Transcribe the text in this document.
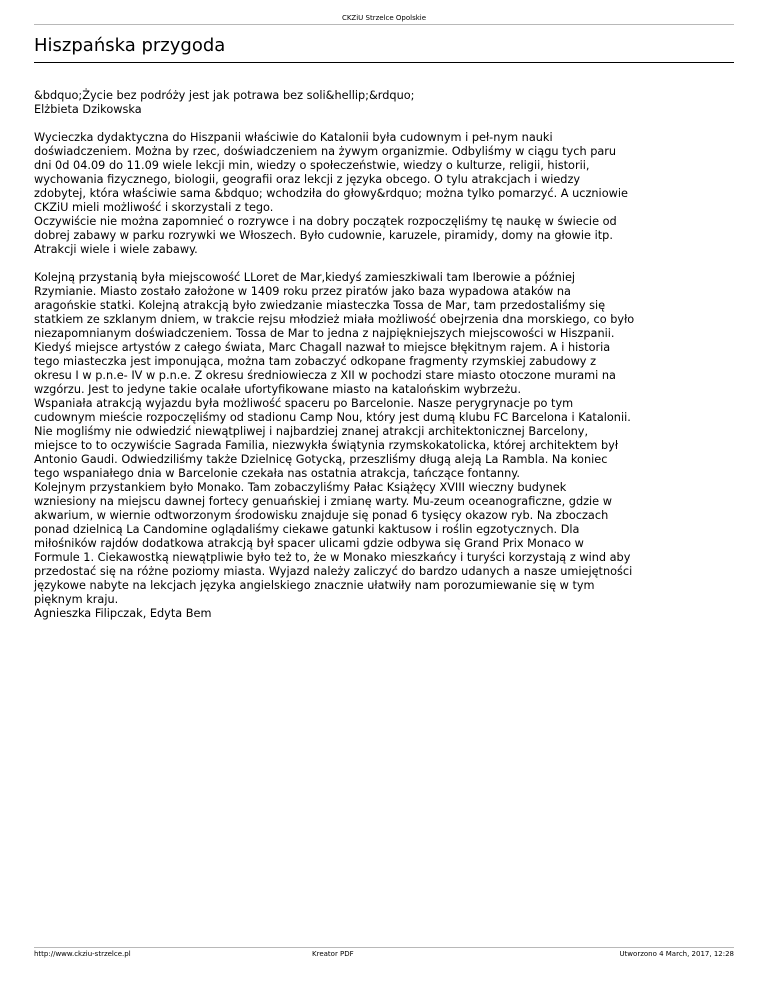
CKZiU Strzelce Opolskie
Hiszpańska przygoda
&bdquo;Życie bez podróży jest jak potrawa bez soli&hellip;&rdquo;
Elżbieta Dzikowska
Wycieczka dydaktyczna do Hiszpanii właściwie do Katalonii była cudownym i peł-nym nauki
doświadczeniem. Można by rzec, doświadczeniem na żywym organizmie. Odbyliśmy w ciągu tych paru
dni 0d 04.09 do 11.09 wiele lekcji min, wiedzy o społeczeństwie, wiedzy o kulturze, religii, historii,
wychowania fizycznego, biologii, geografii oraz lekcji z języka obcego. O tylu atrakcjach i wiedzy
zdobytej, która właściwie sama &bdquo; wchodziła do głowy&rdquo; można tylko pomarzyć. A uczniowie
CKZiU mieli możliwość i skorzystali z tego.
Oczywiście nie można zapomnieć o rozrywce i na dobry początek rozpoczęliśmy tę naukę w świecie od
dobrej zabawy w parku rozrywki we Włoszech. Było cudownie, karuzele, piramidy, domy na głowie itp.
Atrakcji wiele i wiele zabawy.
Kolejną przystanią była miejscowość LLoret de Mar,kiedyś zamieszkiwali tam Iberowie a później
Rzymianie. Miasto zostało założone w 1409 roku przez piratów jako baza wypadowa ataków na
aragońskie statki. Kolejną atrakcją było zwiedzanie miasteczka Tossa de Mar, tam przedostaliśmy się
statkiem ze szklanym dniem, w trakcie rejsu młodzież miała możliwość obejrzenia dna morskiego, co było
niezapomnianym doświadczeniem. Tossa de Mar to jedna z najpiękniejszych miejscowości w Hiszpanii.
Kiedyś miejsce artystów z całego świata, Marc Chagall nazwał to miejsce błękitnym rajem. A i historia
tego miasteczka jest imponująca, można tam zobaczyć odkopane fragmenty rzymskiej zabudowy z
okresu I w p.n.e- IV w p.n.e. Z okresu średniowiecza z XII w pochodzi stare miasto otoczone murami na
wzgórzu. Jest to jedyne takie ocalałe ufortyfikowane miasto na katalońskim wybrzeżu.
Wspaniała atrakcją wyjazdu była możliwość spaceru po Barcelonie. Nasze perygrynacje po tym
cudownym mieście rozpoczęliśmy od stadionu Camp Nou, który jest dumą klubu FC Barcelona i Katalonii.
Nie mogliśmy nie odwiedzić niewątpliwej i najbardziej znanej atrakcji architektonicznej Barcelony,
miejsce to to oczywiście Sagrada Familia, niezwykła świątynia rzymskokatolicka, której architektem był
Antonio Gaudi. Odwiedziliśmy także Dzielnicę Gotycką, przeszliśmy długą aleją La Rambla. Na koniec
tego wspaniałego dnia w Barcelonie czekała nas ostatnia atrakcja, tańczące fontanny.
Kolejnym przystankiem było Monako. Tam zobaczyliśmy Pałac Książęcy XVIII wieczny budynek
wzniesiony na miejscu dawnej fortecy genuańskiej i zmianę warty. Mu-zeum oceanograficzne, gdzie w
akwarium, w wiernie odtworzonym środowisku znajduje się ponad 6 tysięcy okazow ryb. Na zboczach
ponad dzielnicą La Candomine oglądaliśmy ciekawe gatunki kaktusow i roślin egzotycznych. Dla
miłośników rajdów dodatkowa atrakcją był spacer ulicami gdzie odbywa się Grand Prix Monaco w
Formule 1. Ciekawostką niewątpliwie było też to, że w Monako mieszkańcy i turyści korzystają z wind aby
przedostać się na różne poziomy miasta. Wyjazd należy zaliczyć do bardzo udanych a nasze umiejętności
językowe nabyte na lekcjach języka angielskiego znacznie ułatwiły nam porozumiewanie się w tym
pięknym kraju.
Agnieszka Filipczak, Edyta Bem
http://www.ckziu-strzelce.pl	Kreator PDF	Utworzono 4 March, 2017, 12:28
